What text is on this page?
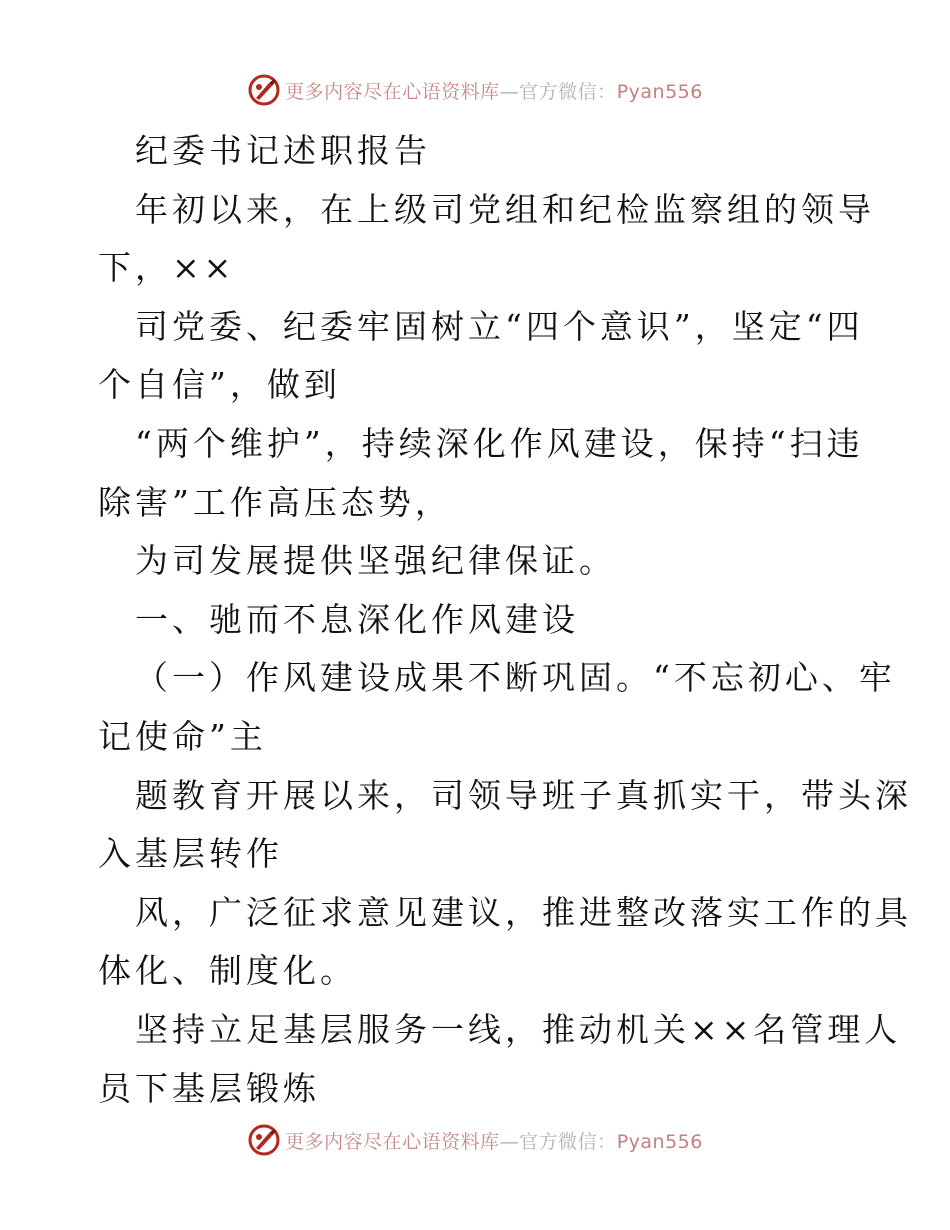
更多内容尽在心语资料库—官方微信：Pyan556
纪委书记述职报告
年初以来，在上级司党组和纪检监察组的领导
下，××
司党委、纪委牢固树立“四个意识”，坚定“四
个自信”，做到
“两个维护”，持续深化作风建设，保持“扫违
除害”工作高压态势，
为司发展提供坚强纪律保证。
一、驰而不息深化作风建设
（一）作风建设成果不断巩固。“不忘初心、牢
记使命”主
题教育开展以来，司领导班子真抓实干，带头深
入基层转作
风，广泛征求意见建议，推进整改落实工作的具
体化、制度化。
坚持立足基层服务一线，推动机关××名管理人
员下基层锻炼
更多内容尽在心语资料库—官方微信：Pyan556
